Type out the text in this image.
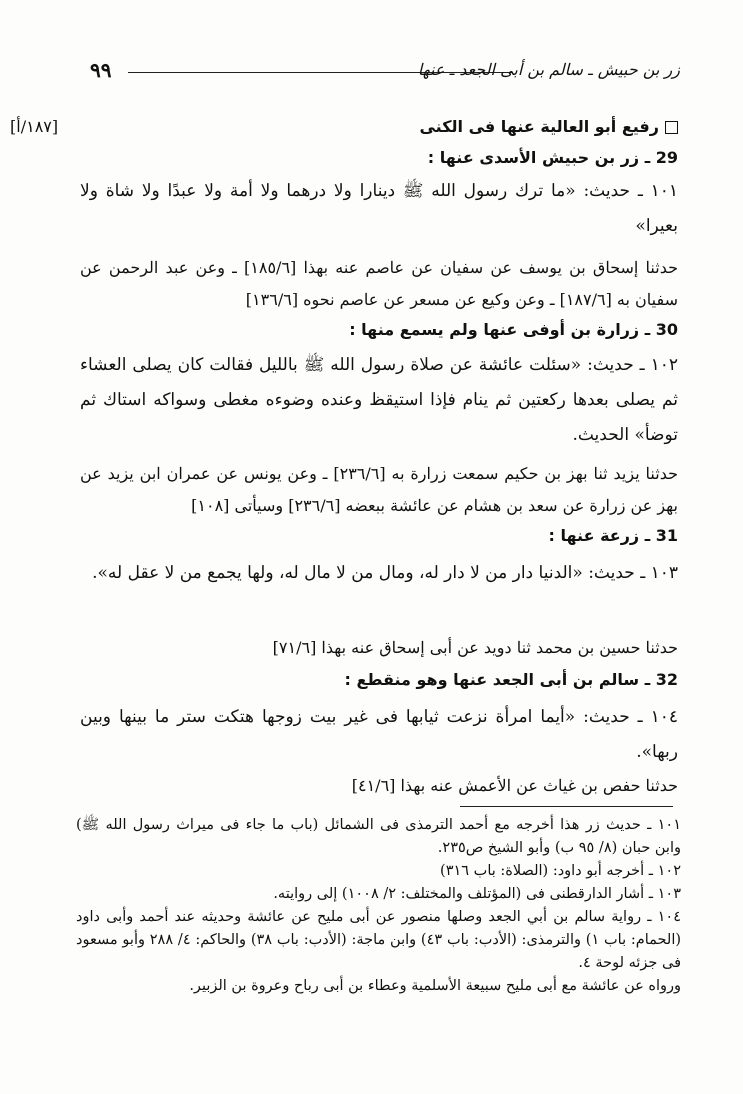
٩٩	زر بن حبيش ـ سالم بن أبى الجعد ـ عنها
[١٨٧/أ]	رفيع أبو العالية عنها فى الكنى
29 ـ زر بن حبيش الأسدى عنها :
١٠١ ـ حديث: «ما ترك رسول الله ﷺ دينارا ولا درهما ولا أمة ولا عبدًا ولا شاة ولا بعيرا»
حدثنا إسحاق بن يوسف عن سفيان عن عاصم عنه بهذا [١٨٥/٦] ـ وعن عبد الرحمن عن سفيان به [١٨٧/٦] ـ وعن وكيع عن مسعر عن عاصم نحوه [١٣٦/٦]
30 ـ زرارة بن أوفى عنها ولم يسمع منها :
١٠٢ ـ حديث: «سئلت عائشة عن صلاة رسول الله ﷺ بالليل فقالت كان يصلى العشاء ثم يصلى بعدها ركعتين ثم ينام فإذا استيقظ وعنده وضوءه مغطى وسواكه استاك ثم توضأ» الحديث.
حدثنا يزيد ثنا بهز بن حكيم سمعت زرارة به [٢٣٦/٦] ـ وعن يونس عن عمران ابن يزيد عن بهز عن زرارة عن سعد بن هشام عن عائشة ببعضه [٢٣٦/٦] وسيأتى [١٠٨]
31 ـ زرعة عنها :
١٠٣ ـ حديث: «الدنيا دار من لا دار له، ومال من لا مال له، ولها يجمع من لا عقل له».
حدثنا حسين بن محمد ثنا دويد عن أبى إسحاق عنه بهذا [٧١/٦]
32 ـ سالم بن أبى الجعد عنها وهو منقطع :
١٠٤ ـ حديث: «أيما امرأة نزعت ثيابها فى غير بيت زوجها هتكت ستر ما بينها وبين ربها».
حدثنا حفص بن غياث عن الأعمش عنه بهذا [٤١/٦]
١٠١ ـ حديث زر هذا أخرجه مع أحمد الترمذى فى الشمائل (باب ما جاء فى ميراث رسول الله ﷺ) وابن حبان (٨/ ٩٥ ب) وأبو الشيخ ص٢٣٥.
١٠٢ ـ أخرجه أبو داود: (الصلاة: باب ٣١٦)
١٠٣ ـ أشار الدارقطنى فى (المؤتلف والمختلف: ٢/ ١٠٠٨) إلى روايته.
١٠٤ ـ رواية سالم بن أبي الجعد وصلها منصور عن أبى مليح عن عائشة وحديثه عند أحمد وأبى داود (الحمام: باب ١) والترمذى: (الأدب: باب ٤٣) وابن ماجة: (الأدب: باب ٣٨) والحاكم: ٤/ ٢٨٨ وأبو مسعود فى جزئه لوحة ٤.
ورواه عن عائشة مع أبى مليح سبيعة الأسلمية وعطاء بن أبى رباح وعروة بن الزبير.
